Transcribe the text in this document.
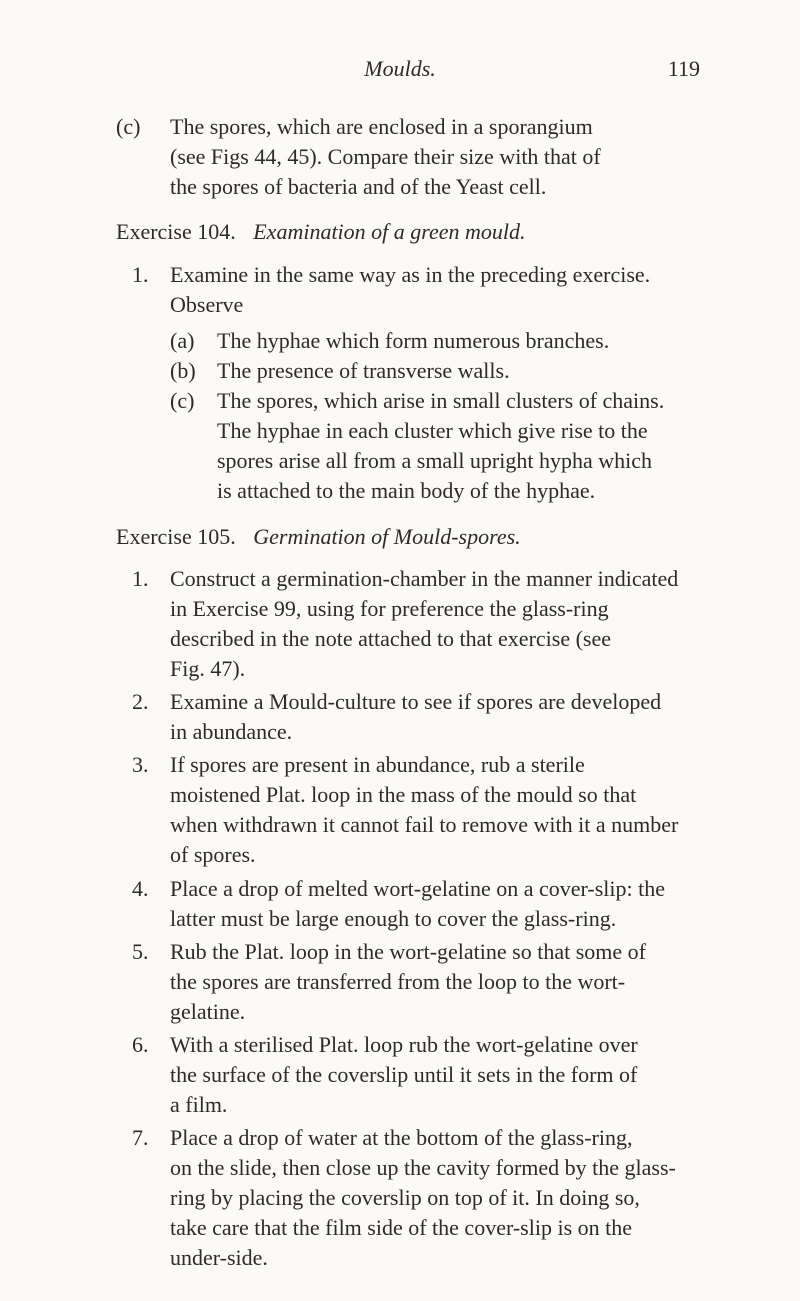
Moulds.	119
(c) The spores, which are enclosed in a sporangium
(see Figs 44, 45). Compare their size with that of
the spores of bacteria and of the Yeast cell.
Exercise 104. Examination of a green mould.
1. Examine in the same way as in the preceding exercise.
Observe
(a) The hyphae which form numerous branches.
(b) The presence of transverse walls.
(c) The spores, which arise in small clusters of chains.
The hyphae in each cluster which give rise to the
spores arise all from a small upright hypha which
is attached to the main body of the hyphae.
Exercise 105. Germination of Mould-spores.
1. Construct a germination-chamber in the manner indicated
in Exercise 99, using for preference the glass-ring
described in the note attached to that exercise (see
Fig. 47).
2. Examine a Mould-culture to see if spores are developed
in abundance.
3. If spores are present in abundance, rub a sterile
moistened Plat. loop in the mass of the mould so that
when withdrawn it cannot fail to remove with it a number
of spores.
4. Place a drop of melted wort-gelatine on a cover-slip: the
latter must be large enough to cover the glass-ring.
5. Rub the Plat. loop in the wort-gelatine so that some of
the spores are transferred from the loop to the wort-
gelatine.
6. With a sterilised Plat. loop rub the wort-gelatine over
the surface of the coverslip until it sets in the form of
a film.
7. Place a drop of water at the bottom of the glass-ring,
on the slide, then close up the cavity formed by the glass-
ring by placing the coverslip on top of it. In doing so,
take care that the film side of the cover-slip is on the
under-side.
